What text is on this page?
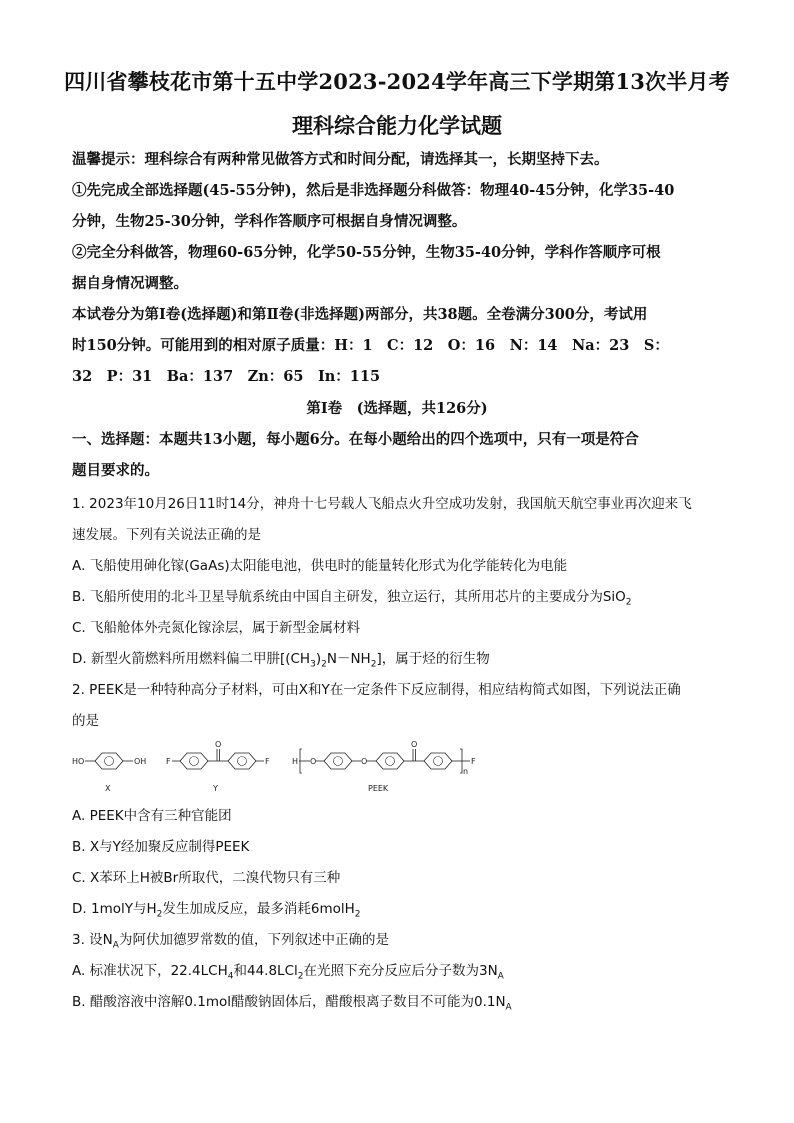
四川省攀枝花市第十五中学2023-2024学年高三下学期第13次半月考
理科综合能力化学试题
温馨提示：理科综合有两种常见做答方式和时间分配，请选择其一，长期坚持下去。
①先完成全部选择题(45-55分钟)，然后是非选择题分科做答：物理40-45分钟，化学35-40
分钟，生物25-30分钟，学科作答顺序可根据自身情况调整。
②完全分科做答，物理60-65分钟，化学50-55分钟，生物35-40分钟，学科作答顺序可根
据自身情况调整。
本试卷分为第Ⅰ卷(选择题)和第Ⅱ卷(非选择题)两部分，共38题。全卷满分300分，考试用
时150分钟。可能用到的相对原子质量：H：1　C：12　O：16　N：14　Na：23　S：
32　P：31　Ba：137　Zn：65　In：115
第Ⅰ卷　(选择题，共126分)
一、选择题：本题共13小题，每小题6分。在每小题给出的四个选项中，只有一项是符合
题目要求的。
1. 2023年10月26日11时14分，神舟十七号载人飞船点火升空成功发射，我国航天航空事业再次迎来飞
速发展。下列有关说法正确的是
A. 飞船使用砷化镓(GaAs)太阳能电池，供电时的能量转化形式为化学能转化为电能
B. 飞船所使用的北斗卫星导航系统由中国自主研发，独立运行，其所用芯片的主要成分为SiO$_2$
C. 飞船舱体外壳氮化镓涂层，属于新型金属材料
D. 新型火箭燃料所用燃料偏二甲肼$[(CH_3)_2N-NH_2]$，属于烃的衍生物
2. PEEK是一种特种高分子材料，可由X和Y在一定条件下反应制得，相应结构简式如图，下列说法正确
的是
HO	OH
X
F
O
F
Y
H O	O
O
n
F
PEEK
A. PEEK中含有三种官能团
B. X与Y经加聚反应制得PEEK
C. X苯环上H被Br所取代，二溴代物只有三种
D. 1molY与$H_2$发生加成反应，最多消耗6molH$_2$
3. 设$N_A$为阿伏加德罗常数的值，下列叙述中正确的是
A. 标准状况下，$22.4LCH_4$和44.8LCl$_2$在光照下充分反应后分子数为$3N_A$
B. 醋酸溶液中溶解0.1mol醋酸钠固体后，醋酸根离子数目不可能为$0.1N_A$
